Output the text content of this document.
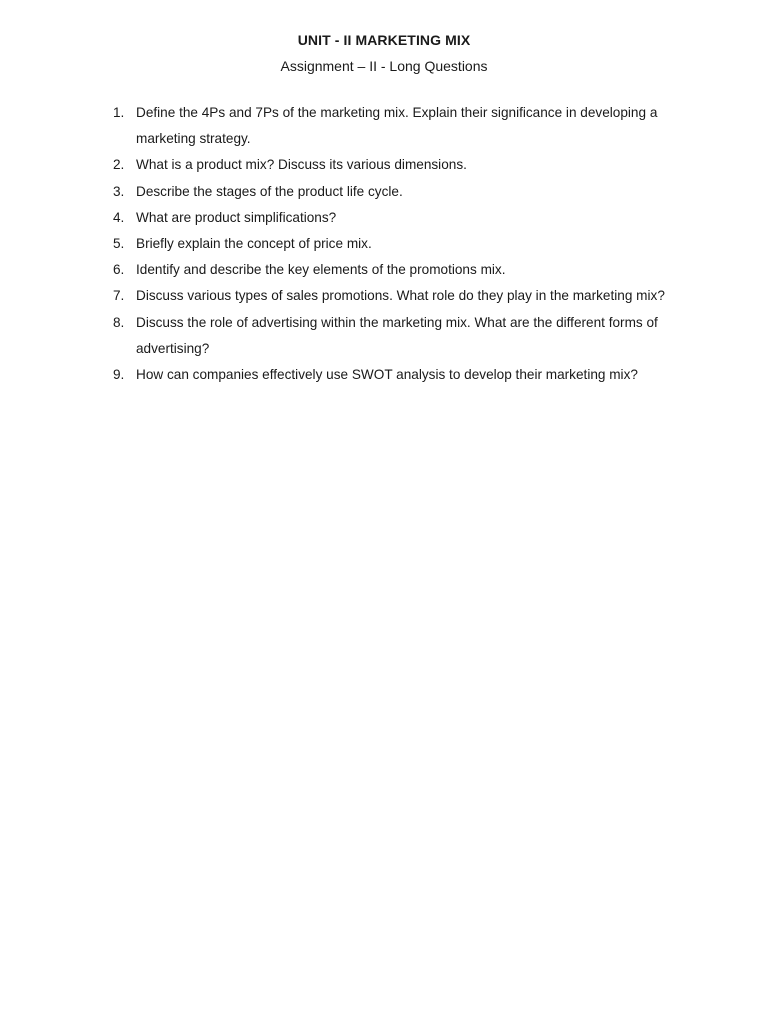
UNIT - II MARKETING MIX
Assignment – II - Long Questions
1. Define the 4Ps and 7Ps of the marketing mix. Explain their significance in developing a marketing strategy.
2. What is a product mix? Discuss its various dimensions.
3. Describe the stages of the product life cycle.
4. What are product simplifications?
5. Briefly explain the concept of price mix.
6. Identify and describe the key elements of the promotions mix.
7. Discuss various types of sales promotions. What role do they play in the marketing mix?
8. Discuss the role of advertising within the marketing mix. What are the different forms of advertising?
9. How can companies effectively use SWOT analysis to develop their marketing mix?
